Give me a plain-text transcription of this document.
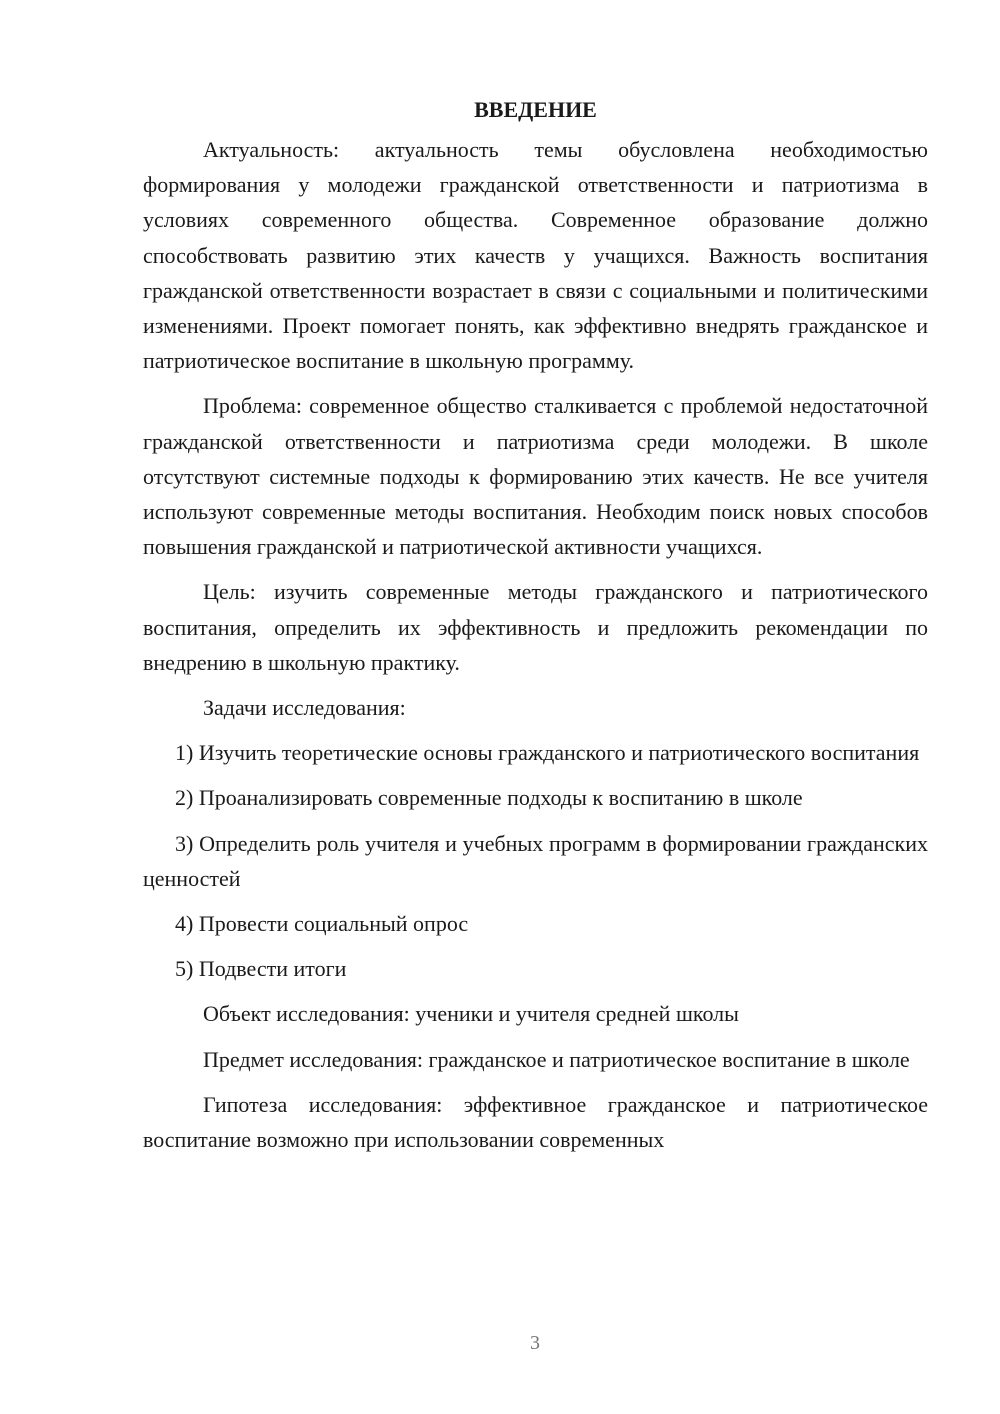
ВВЕДЕНИЕ

Актуальность: актуальность темы обусловлена необходимостью формирования у молодежи гражданской ответственности и патриотизма в условиях современного общества. Современное образование должно способствовать развитию этих качеств у учащихся. Важность воспитания гражданской ответственности возрастает в связи с социальными и политическими изменениями. Проект помогает понять, как эффективно внедрять гражданское и патриотическое воспитание в школьную программу.

Проблема: современное общество сталкивается с проблемой недостаточной гражданской ответственности и патриотизма среди молодежи. В школе отсутствуют системные подходы к формированию этих качеств. Не все учителя используют современные методы воспитания. Необходим поиск новых способов повышения гражданской и патриотической активности учащихся.

Цель: изучить современные методы гражданского и патриотического воспитания, определить их эффективность и предложить рекомендации по внедрению в школьную практику.

Задачи исследования:

1) Изучить теоретические основы гражданского и патриотического воспитания

2) Проанализировать современные подходы к воспитанию в школе

3) Определить роль учителя и учебных программ в формировании гражданских ценностей

4) Провести социальный опрос

5) Подвести итоги

Объект исследования: ученики и учителя средней школы

Предмет исследования: гражданское и патриотическое воспитание в школе

Гипотеза исследования: эффективное гражданское и патриотическое воспитание возможно при использовании современных

3
